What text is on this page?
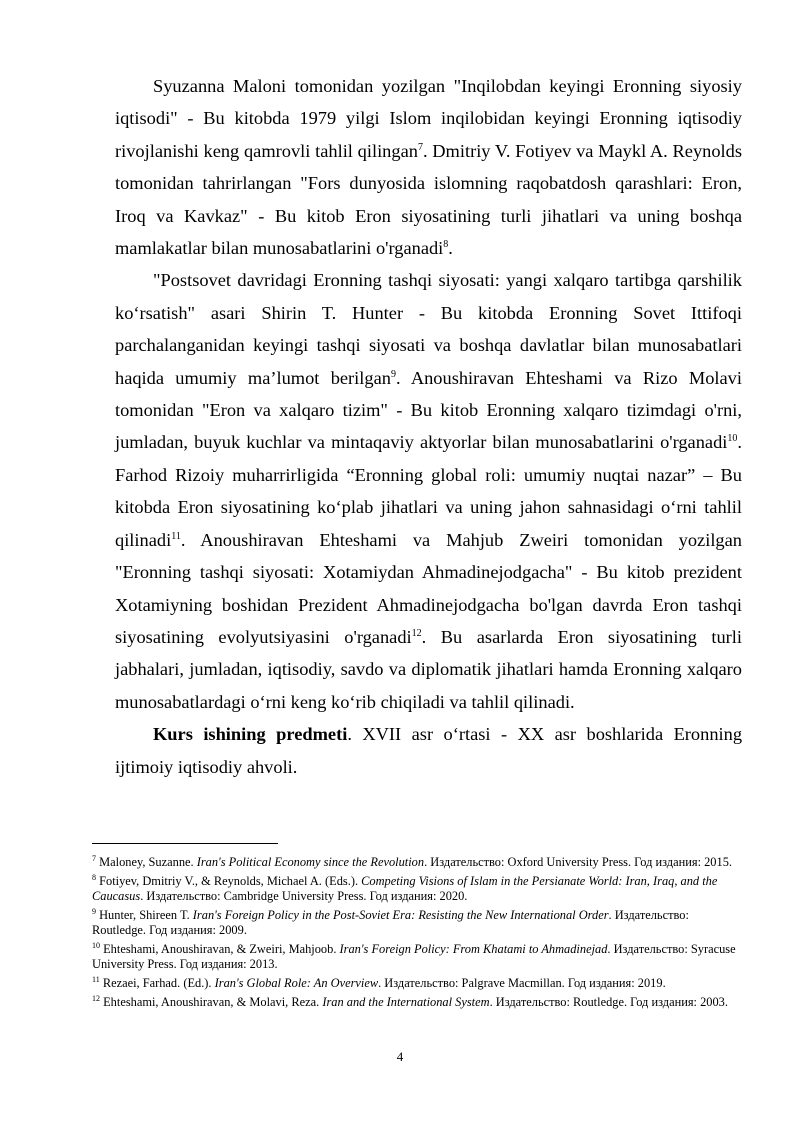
Syuzanna Maloni tomonidan yozilgan "Inqilobdan keyingi Eronning siyosiy iqtisodi" - Bu kitobda 1979 yilgi Islom inqilobidan keyingi Eronning iqtisodiy rivojlanishi keng qamrovli tahlil qilingan$^7$. Dmitriy V. Fotiyev va Maykl A. Reynolds tomonidan tahrirlangan "Fors dunyosida islomning raqobatdosh qarashlari: Eron, Iroq va Kavkaz" - Bu kitob Eron siyosatining turli jihatlari va uning boshqa mamlakatlar bilan munosabatlarini o'rganadi$^8$.

"Postsovet davridagi Eronning tashqi siyosati: yangi xalqaro tartibga qarshilik ko‘rsatish" asari Shirin T. Hunter - Bu kitobda Eronning Sovet Ittifoqi parchalanganidan keyingi tashqi siyosati va boshqa davlatlar bilan munosabatlari haqida umumiy ma’lumot berilgan$^9$. Anoushiravan Ehteshami va Rizo Molavi tomonidan "Eron va xalqaro tizim" - Bu kitob Eronning xalqaro tizimdagi o'rni, jumladan, buyuk kuchlar va mintaqaviy aktyorlar bilan munosabatlarini o'rganadi$^{10}$. Farhod Rizoiy muharrirligida “Eronning global roli: umumiy nuqtai nazar” – Bu kitobda Eron siyosatining ko‘plab jihatlari va uning jahon sahnasidagi o‘rni tahlil qilinadi$^{11}$. Anoushiravan Ehteshami va Mahjub Zweiri tomonidan yozilgan "Eronning tashqi siyosati: Xotamiydan Ahmadinejodgacha" - Bu kitob prezident Xotamiyning boshidan Prezident Ahmadinejodgacha bo'lgan davrda Eron tashqi siyosatining evolyutsiyasini o'rganadi$^{12}$. Bu asarlarda Eron siyosatining turli jabhalari, jumladan, iqtisodiy, savdo va diplomatik jihatlari hamda Eronning xalqaro munosabatlardagi o‘rni keng ko‘rib chiqiladi va tahlil qilinadi.

Kurs ishining predmeti. XVII asr o‘rtasi - XX asr boshlarida Eronning ijtimoiy iqtisodiy ahvoli.

$^7$ Maloney, Suzanne. Iran's Political Economy since the Revolution. Издательство: Oxford University Press. Год издания: 2015.

$^8$ Fotiyev, Dmitriy V., & Reynolds, Michael A. (Eds.). Competing Visions of Islam in the Persianate World: Iran, Iraq, and the Caucasus. Издательство: Cambridge University Press. Год издания: 2020.

$^9$ Hunter, Shireen T. Iran's Foreign Policy in the Post-Soviet Era: Resisting the New International Order. Издательство: Routledge. Год издания: 2009.

$^{10}$ Ehteshami, Anoushiravan, & Zweiri, Mahjoob. Iran's Foreign Policy: From Khatami to Ahmadinejad. Издательство: Syracuse University Press. Год издания: 2013.

$^{11}$ Rezaei, Farhad. (Ed.). Iran's Global Role: An Overview. Издательство: Palgrave Macmillan. Год издания: 2019.

$^{12}$ Ehteshami, Anoushiravan, & Molavi, Reza. Iran and the International System. Издательство: Routledge. Год издания: 2003.

4
